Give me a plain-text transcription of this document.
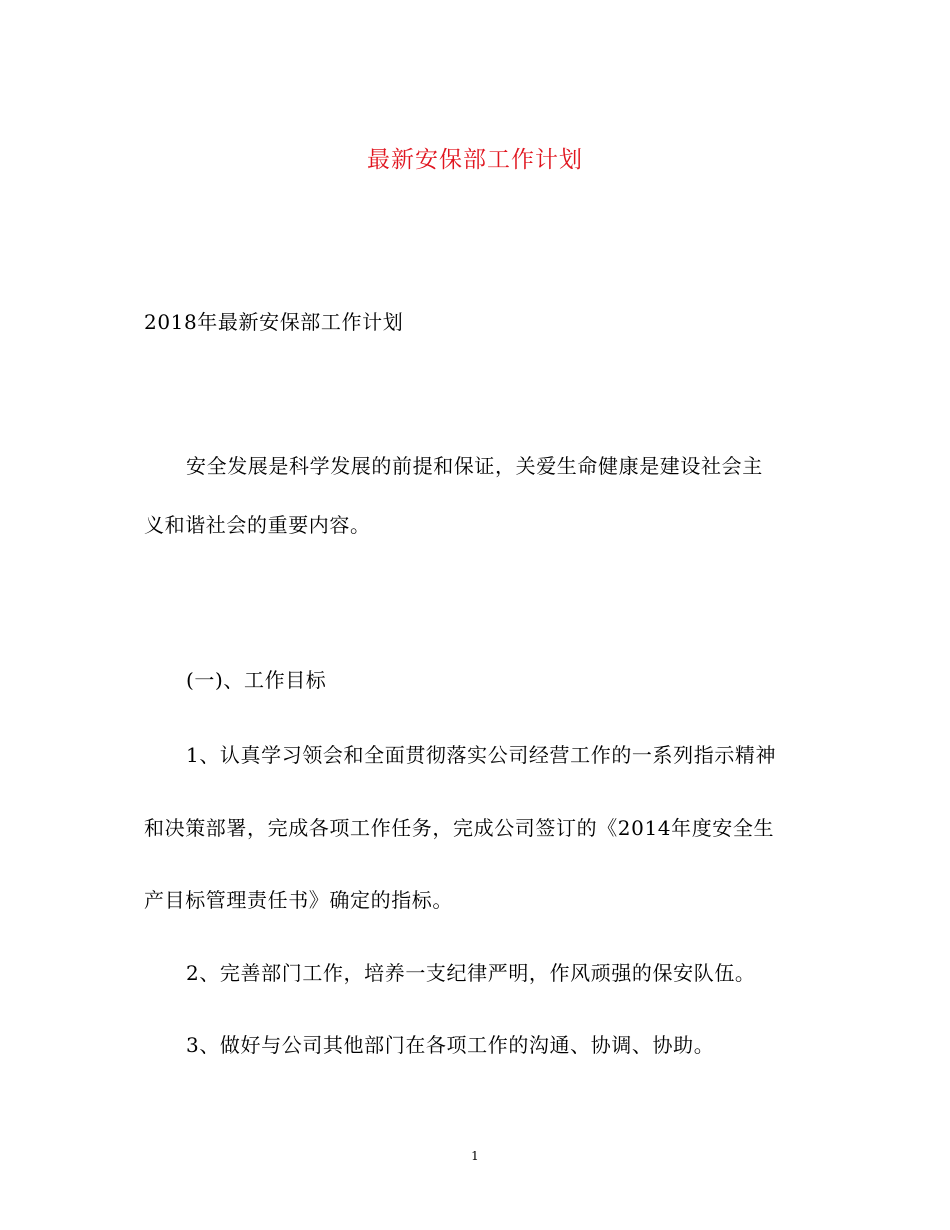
最新安保部工作计划
2018年最新安保部工作计划
安全发展是科学发展的前提和保证，关爱生命健康是建设社会主
义和谐社会的重要内容。
(一)、工作目标
1、认真学习领会和全面贯彻落实公司经营工作的一系列指示精神
和决策部署，完成各项工作任务，完成公司签订的《2014年度安全生
产目标管理责任书》确定的指标。
2、完善部门工作，培养一支纪律严明，作风顽强的保安队伍。
3、做好与公司其他部门在各项工作的沟通、协调、协助。
1
